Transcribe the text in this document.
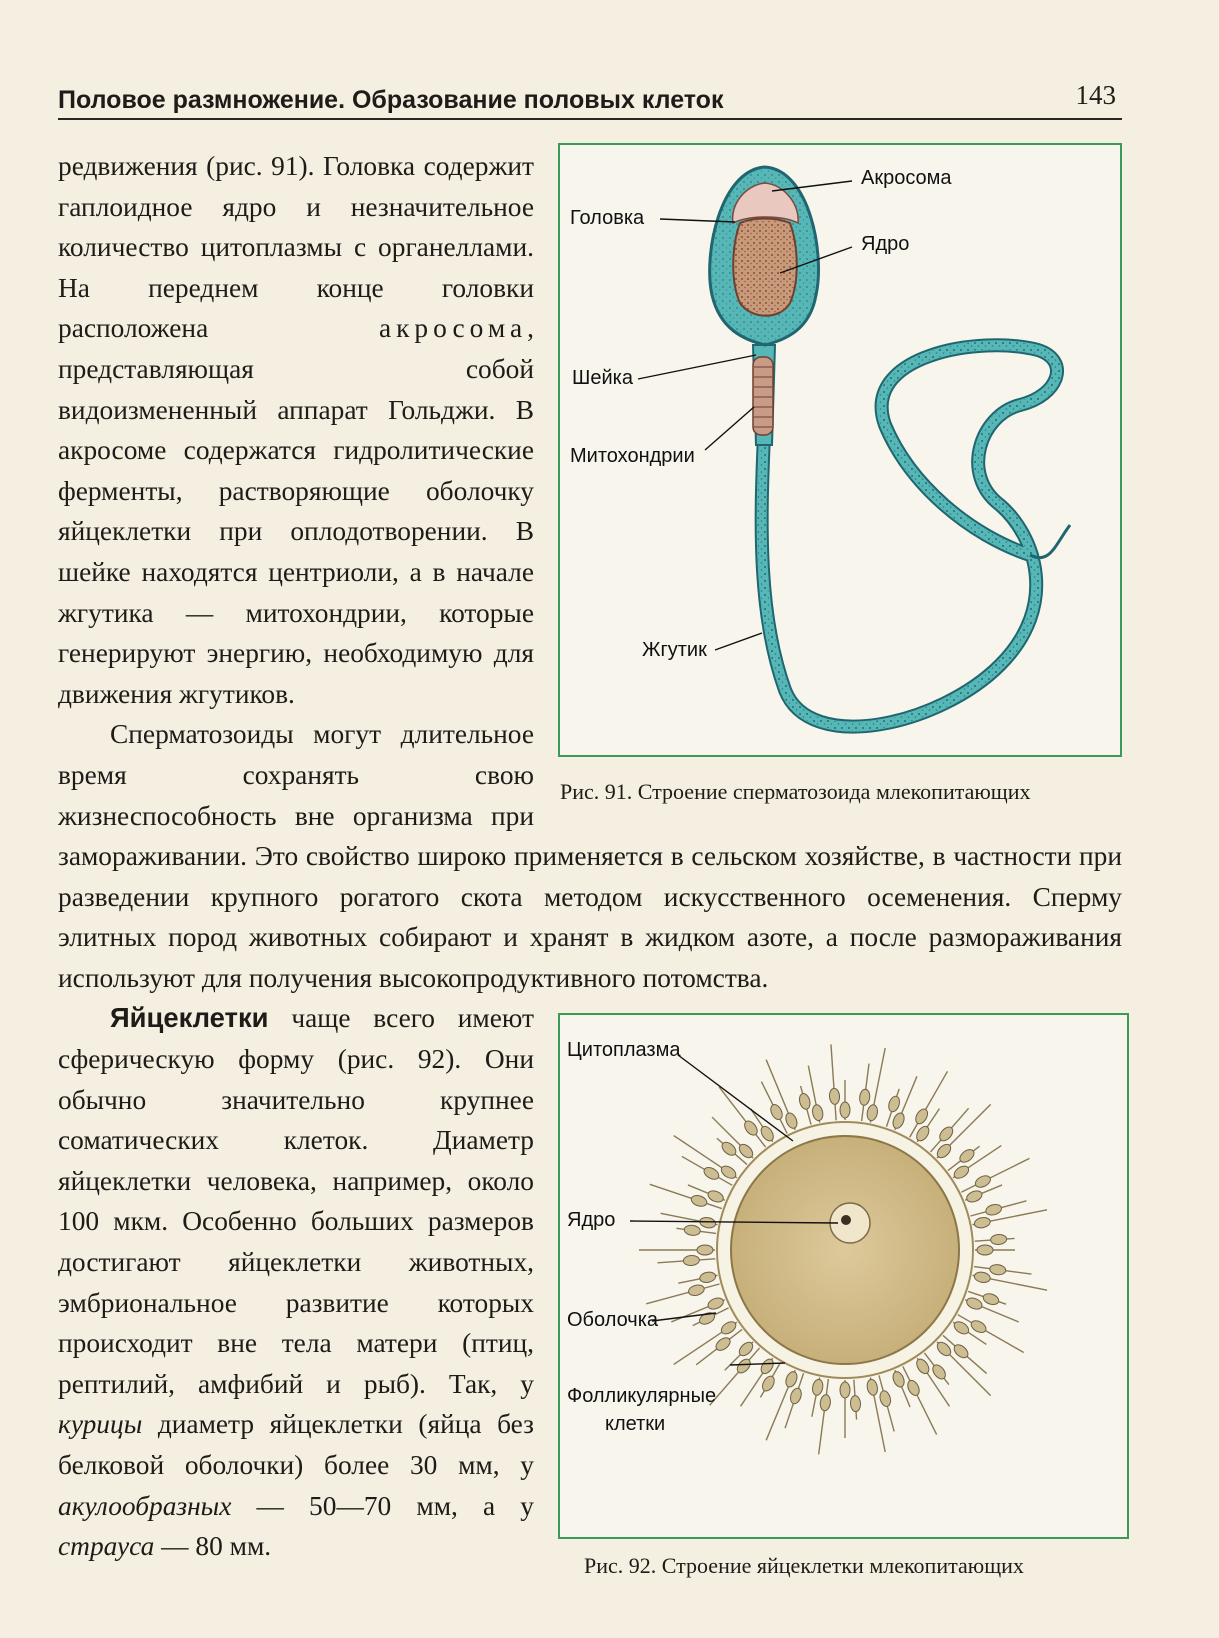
Половое размножение. Образование половых клеток	143

редвижения (рис. 91). Головка содержит гаплоидное ядро и незначительное количество цитоплазмы с органеллами. На переднем конце головки расположена акросома, представляющая собой видоизмененный аппарат Гольджи. В акросоме содержатся гидролитические ферменты, растворяющие оболочку яйцеклетки при оплодотворении. В шейке находятся центриоли, а в начале жгутика — митохондрии, которые генерируют энергию, необходимую для движения жгутиков.

Сперматозоиды могут длительное время сохранять свою жизнеспособность вне организма при замораживании. Это свойство широко применяется в сельском хозяйстве, в частности при разведении крупного рогатого скота методом искусственного осеменения. Сперму элитных пород животных собирают и хранят в жидком азоте, а после размораживания используют для получения высокопродуктивного потомства.

Яйцеклетки чаще всего имеют сферическую форму (рис. 92). Они обычно значительно крупнее соматических клеток. Диаметр яйцеклетки человека, например, около 100 мкм. Особенно больших размеров достигают яйцеклетки животных, эмбриональное развитие которых происходит вне тела матери (птиц, рептилий, амфибий и рыб). Так, у курицы диаметр яйцеклетки (яйца без белковой оболочки) более 30 мм, у акулообразных — 50—70 мм, а у страуса — 80 мм.

Акросома
Головка
Ядро
Шейка
Митохондрии
Жгутик
Рис. 91. Строение сперматозоида млекопитающих
Цитоплазма
Ядро
Оболочка
Фолликулярные
клетки
Рис. 92. Строение яйцеклетки млекопитающих
